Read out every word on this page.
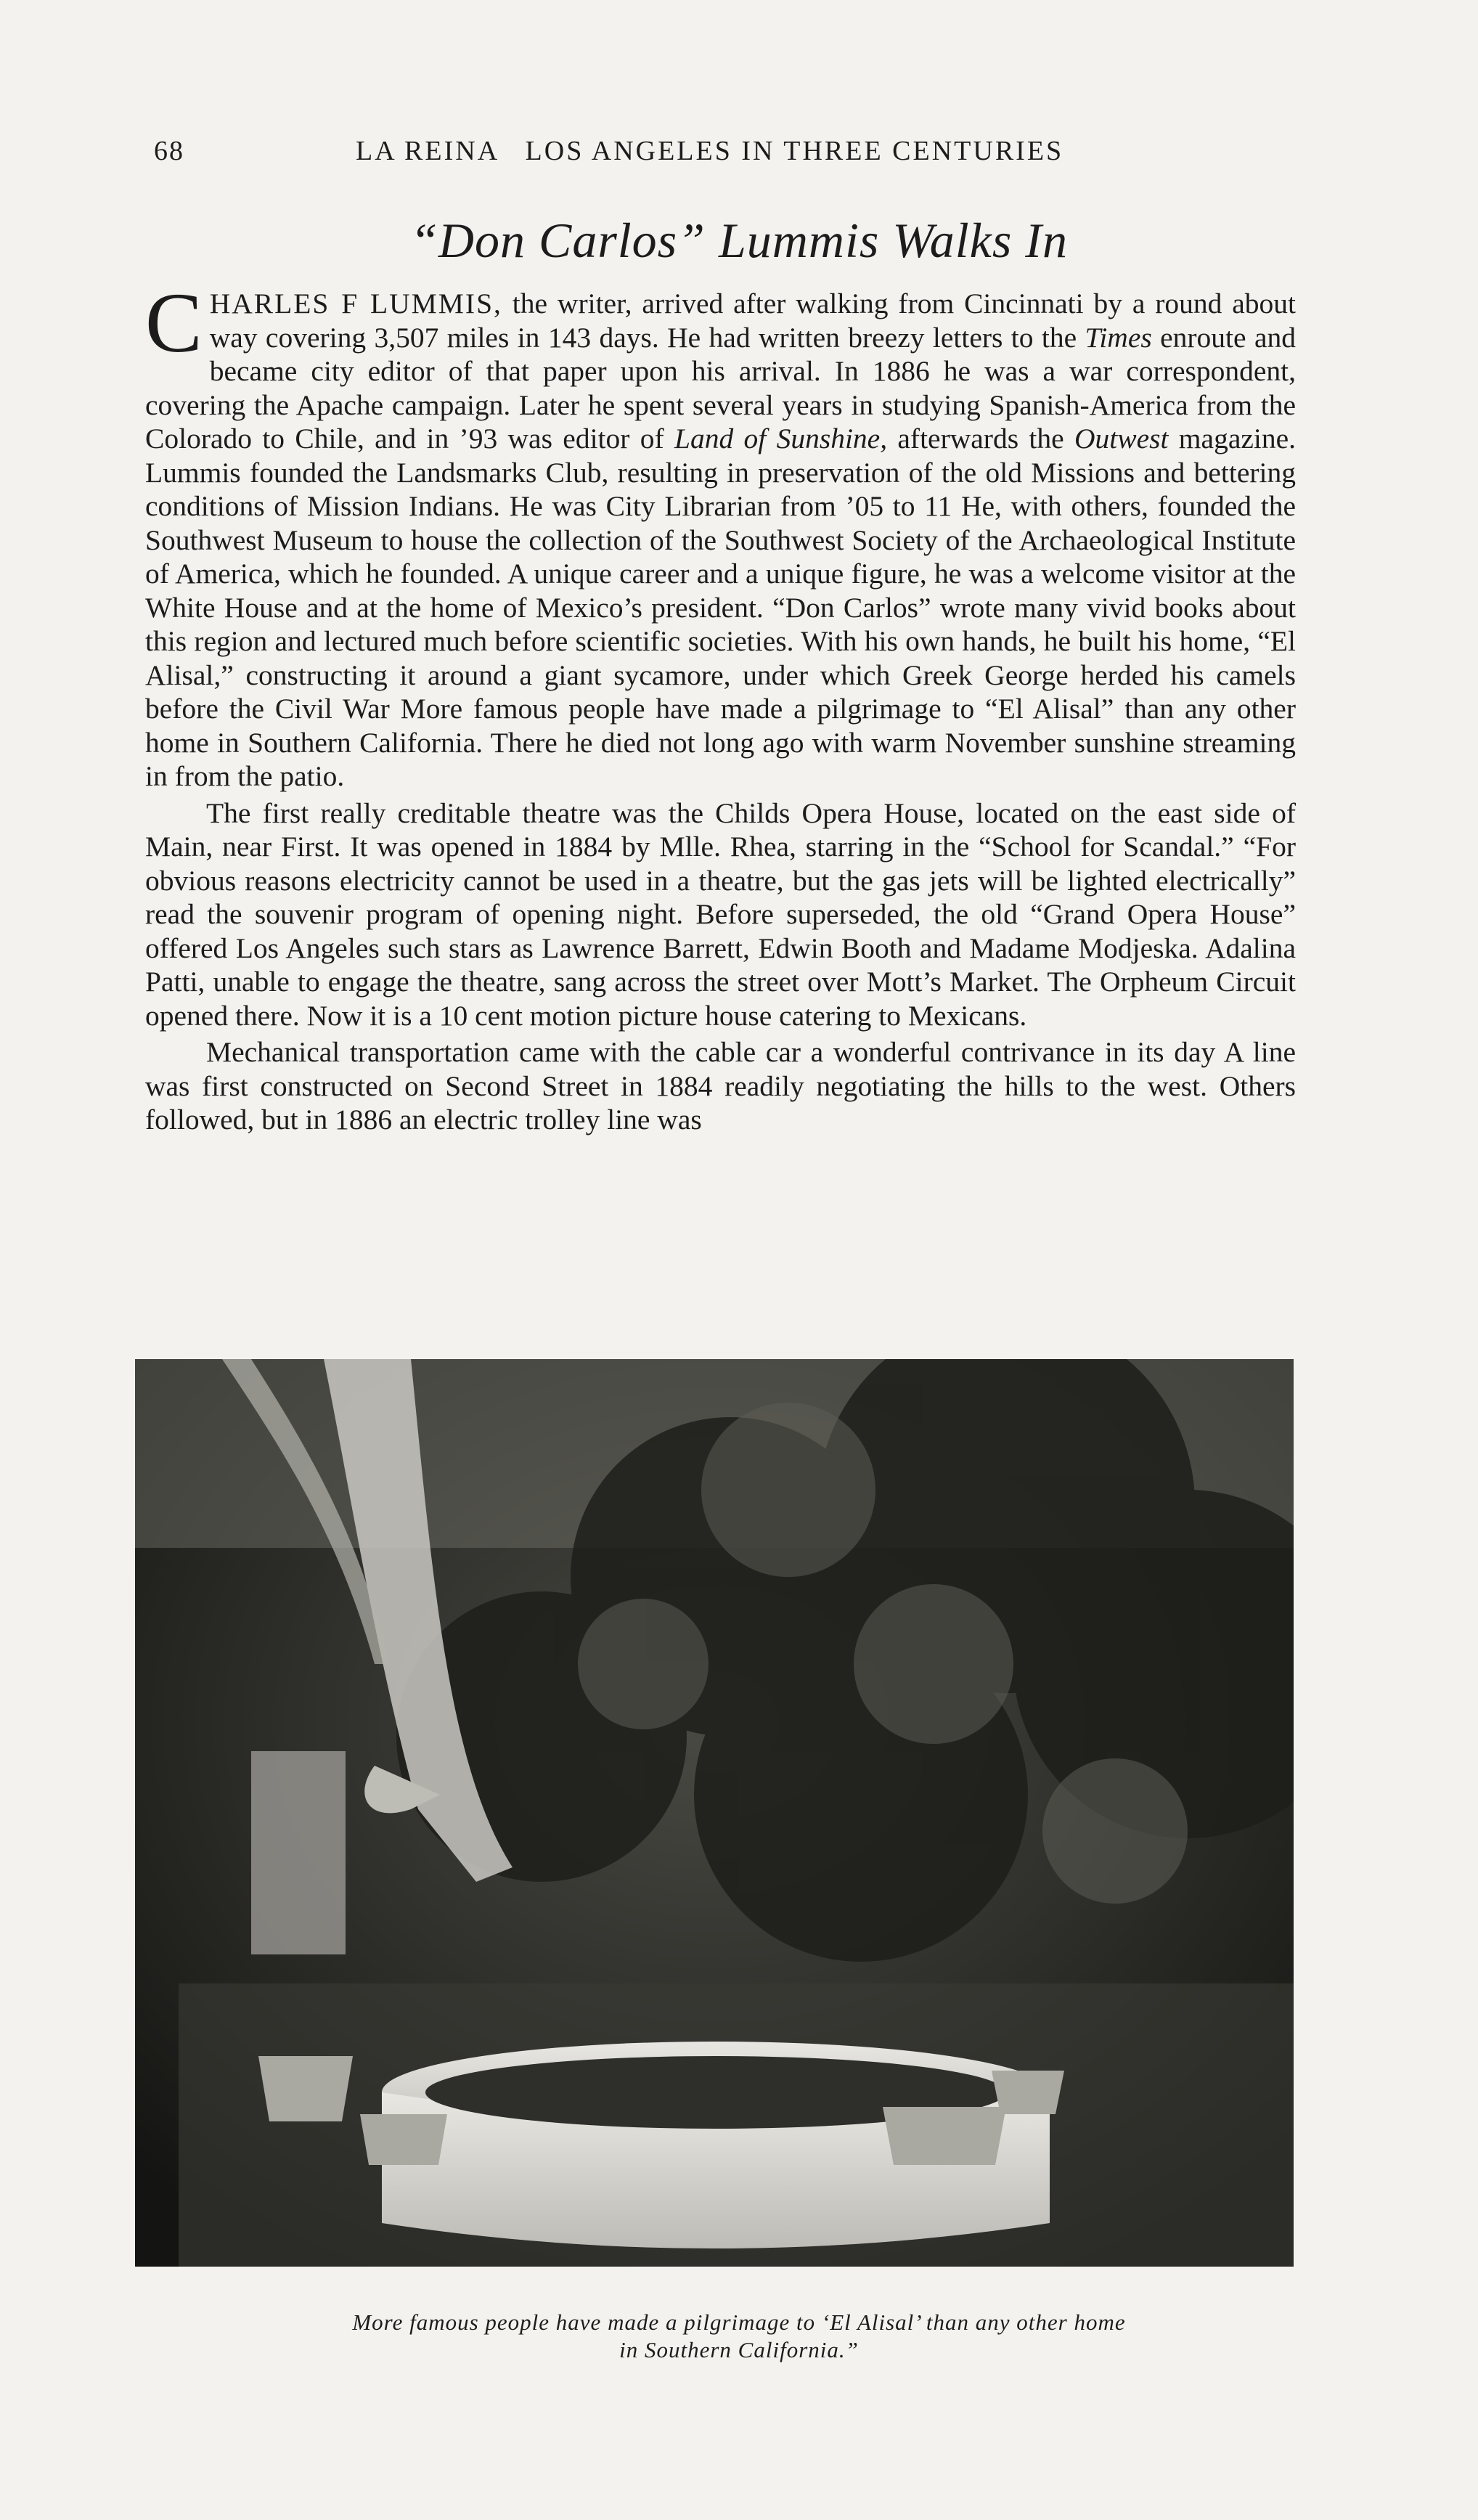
68	LA REINA   LOS ANGELES IN THREE CENTURIES
“Don Carlos” Lummis Walks In

CHARLES F LUMMIS, the writer, arrived after walking from Cincinnati by a round about way covering 3,507 miles in 143 days. He had written breezy letters to the Times enroute and became city editor of that paper upon his arrival. In 1886 he was a war correspondent, covering the Apache campaign. Later he spent several years in studying Spanish-America from the Colorado to Chile, and in ’93 was editor of Land of Sunshine, afterwards the Outwest magazine. Lummis founded the Landsmarks Club, resulting in preservation of the old Missions and bettering conditions of Mission Indians. He was City Librarian from ’05 to 11 He, with others, founded the Southwest Museum to house the collection of the Southwest Society of the Archaeological Institute of America, which he founded. A unique career and a unique figure, he was a welcome visitor at the White House and at the home of Mexico’s president. “Don Carlos” wrote many vivid books about this region and lectured much before scientific societies. With his own hands, he built his home, “El Alisal,” constructing it around a giant sycamore, under which Greek George herded his camels before the Civil War More famous people have made a pilgrimage to “El Alisal” than any other home in Southern California. There he died not long ago with warm November sunshine streaming in from the patio.

The first really creditable theatre was the Childs Opera House, located on the east side of Main, near First. It was opened in 1884 by Mlle. Rhea, starring in the “School for Scandal.” “For obvious reasons electricity cannot be used in a theatre, but the gas jets will be lighted electrically” read the souvenir program of opening night. Before superseded, the old “Grand Opera House” offered Los Angeles such stars as Lawrence Barrett, Edwin Booth and Madame Modjeska. Adalina Patti, unable to engage the theatre, sang across the street over Mott’s Market. The Orpheum Circuit opened there. Now it is a 10 cent motion picture house catering to Mexicans.

Mechanical transportation came with the cable car a wonderful contrivance in its day A line was first constructed on Second Street in 1884 readily negotiating the hills to the west. Others followed, but in 1886 an electric trolley line was

More famous people have made a pilgrimage to ‘El Alisal’ than any other home
in Southern California.”
